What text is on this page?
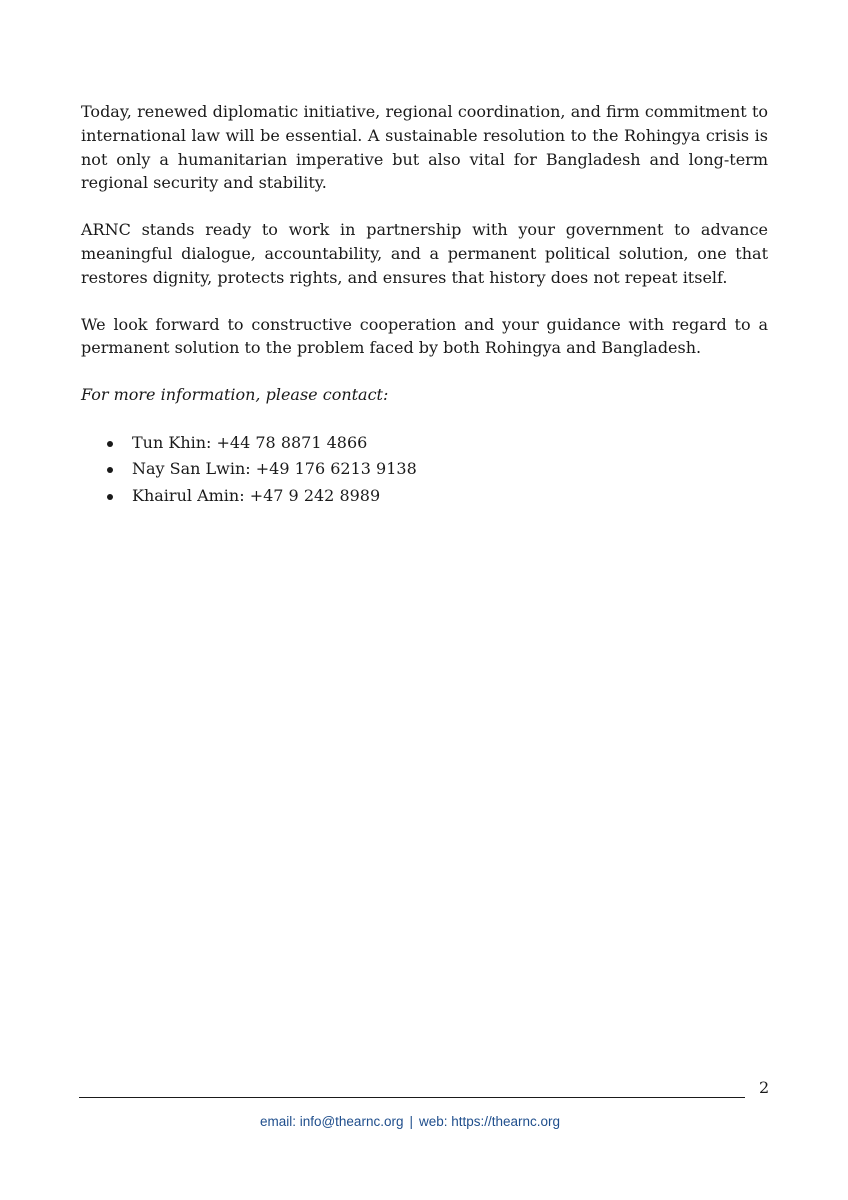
Today, renewed diplomatic initiative, regional coordination, and firm commitment to international law will be essential. A sustainable resolution to the Rohingya crisis is not only a humanitarian imperative but also vital for Bangladesh and long-term regional security and stability.

ARNC stands ready to work in partnership with your government to advance meaningful dialogue, accountability, and a permanent political solution, one that restores dignity, protects rights, and ensures that history does not repeat itself.

We look forward to constructive cooperation and your guidance with regard to a permanent solution to the problem faced by both Rohingya and Bangladesh.

For more information, please contact:

Tun Khin: +44 78 8871 4866
Nay San Lwin: +49 176 6213 9138
Khairul Amin: +47 9 242 8989
2
email: info@thearnc.org | web: https://thearnc.org
